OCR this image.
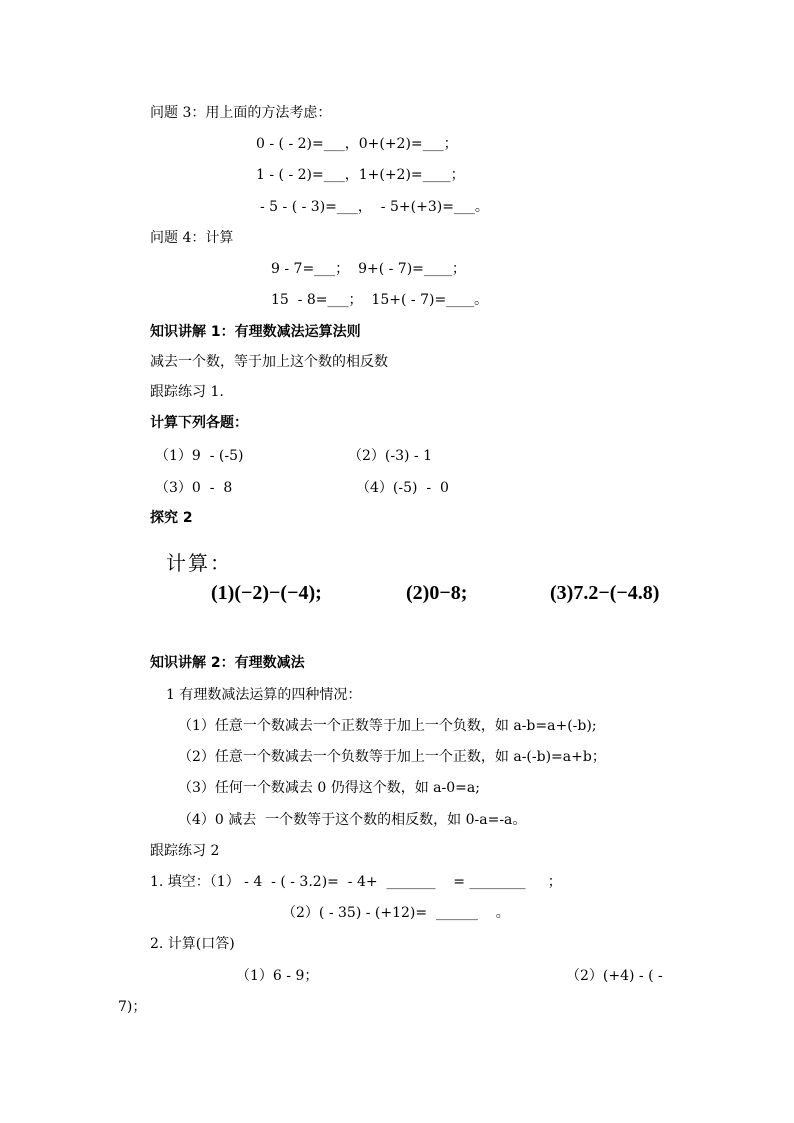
问题 3：用上面的方法考虑：
0 - ( - 2)=___，0+(+2)=___；
1 - ( - 2)=___，1+(+2)=____；
- 5 - ( - 3)=___，  - 5+(+3)=___。
问题 4：计算
9 - 7=___；  9+( - 7)=____；
15  - 8=___；  15+( - 7)=____。
知识讲解 1：有理数减法运算法则
减去一个数，等于加上这个数的相反数
跟踪练习 1.
计算下列各题：
（1）9  - (-5)	（2）(-3) - 1
（3）0  -  8	（4）(-5)  -  0
探究 2
计算：
(1)(−2)−(−4);	(2)0−8;	(3)7.2−(−4.8)
知识讲解 2：有理数减法
1 有理数减法运算的四种情况：
（1）任意一个数减去一个正数等于加上一个负数，如 a-b=a+(-b);
（2）任意一个数减去一个负数等于加上一个正数，如 a-(-b)=a+b；
（3）任何一个数减去 0 仍得这个数，如 a-0=a;
（4）0 减去  一个数等于这个数的相反数，如 0-a=-a。
跟踪练习 2
1. 填空：（1） - 4  - ( - 3.2)=  - 4+  _______    = ________     ；
（2）( - 35) - (+12)=  ______    。
2. 计算(口答)
（1）6 - 9；	（2）(+4) - ( -
7)；
